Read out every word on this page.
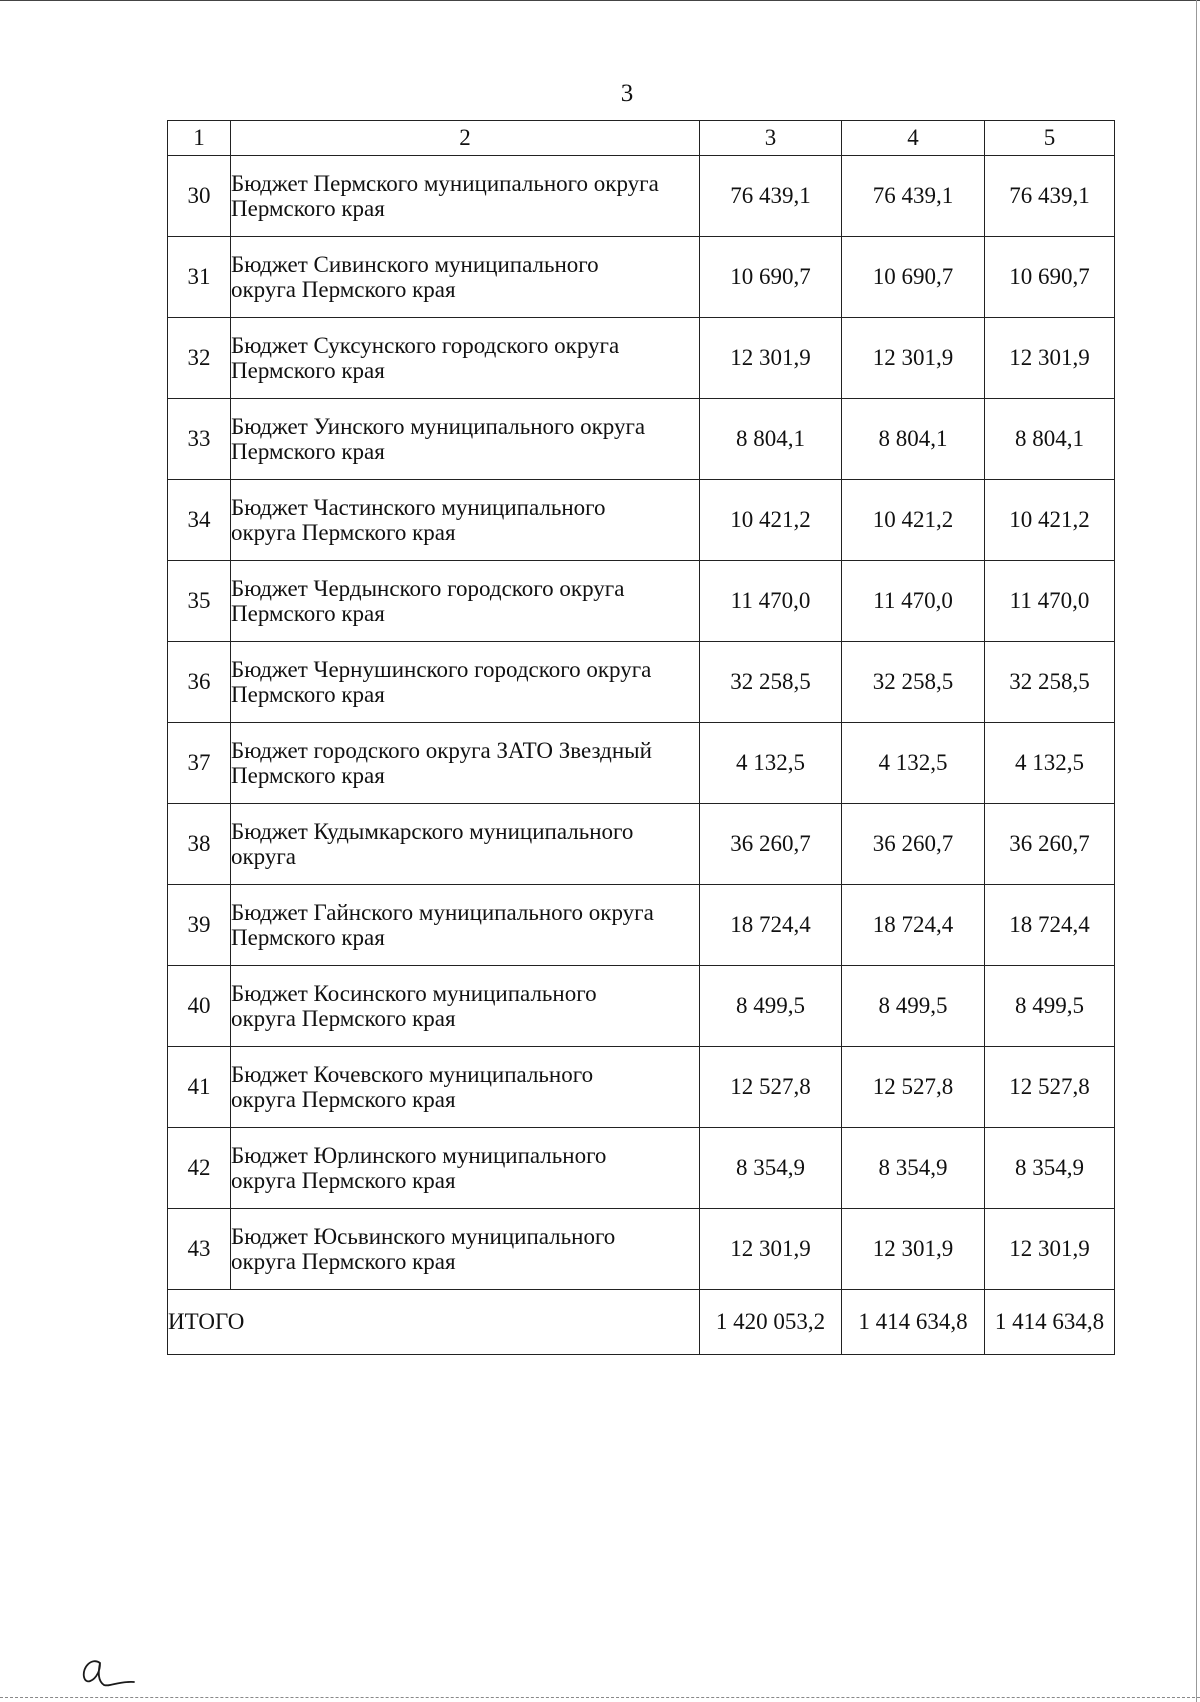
3
1	2	3	4	5
30	Бюджет Пермского муниципального округа
Пермского края	76 439,1	76 439,1	76 439,1
31	Бюджет Сивинского муниципального
округа Пермского края	10 690,7	10 690,7	10 690,7
32	Бюджет Суксунского городского округа
Пермского края	12 301,9	12 301,9	12 301,9
33	Бюджет Уинского муниципального округа
Пермского края	8 804,1	8 804,1	8 804,1
34	Бюджет Частинского муниципального
округа Пермского края	10 421,2	10 421,2	10 421,2
35	Бюджет Чердынского городского округа
Пермского края	11 470,0	11 470,0	11 470,0
36	Бюджет Чернушинского городского округа
Пермского края	32 258,5	32 258,5	32 258,5
37	Бюджет городского округа ЗАТО Звездный
Пермского края	4 132,5	4 132,5	4 132,5
38	Бюджет Кудымкарского муниципального
округа	36 260,7	36 260,7	36 260,7
39	Бюджет Гайнского муниципального округа
Пермского края	18 724,4	18 724,4	18 724,4
40	Бюджет Косинского муниципального
округа Пермского края	8 499,5	8 499,5	8 499,5
41	Бюджет Кочевского муниципального
округа Пермского края	12 527,8	12 527,8	12 527,8
42	Бюджет Юрлинского муниципального
округа Пермского края	8 354,9	8 354,9	8 354,9
43	Бюджет Юсьвинского муниципального
округа Пермского края	12 301,9	12 301,9	12 301,9
ИТОГО		1 420 053,2	1 414 634,8	1 414 634,8
